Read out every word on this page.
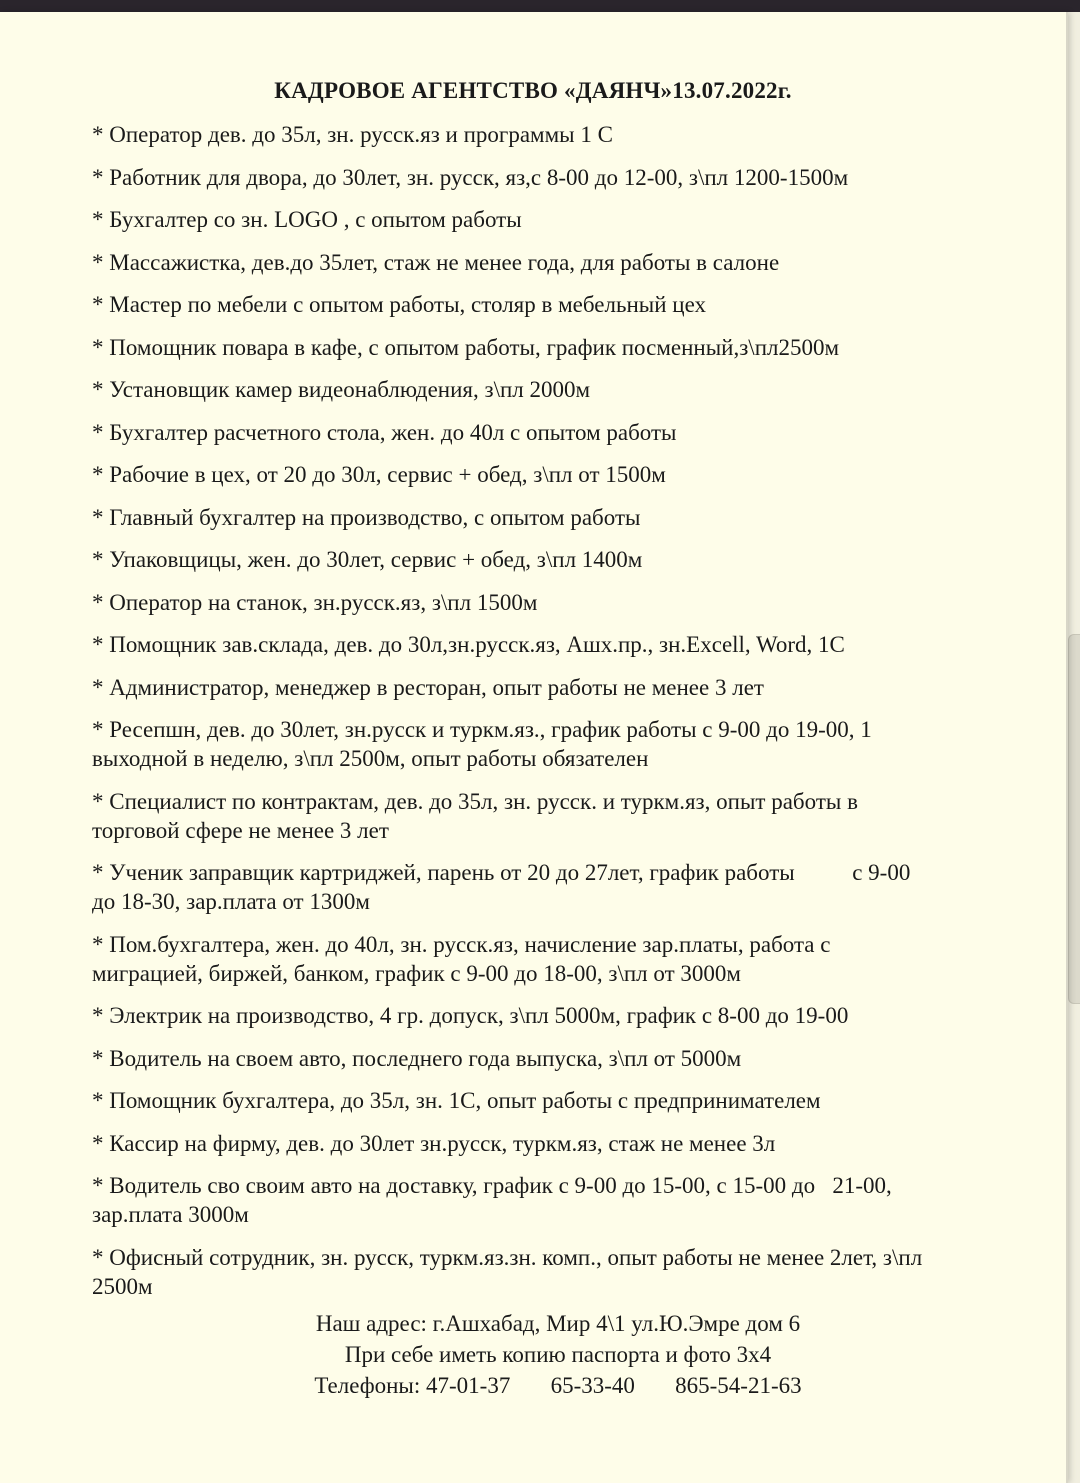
КАДРОВОЕ АГЕНТСТВО «ДАЯНЧ»13.07.2022г.
* Оператор дев. до 35л, зн. русск.яз и программы 1 С
* Работник для двора, до 30лет, зн. русск, яз,с 8-00 до 12-00, з\пл 1200-1500м
* Бухгалтер со зн. LOGO , с опытом работы
* Массажистка, дев.до 35лет, стаж не менее года, для работы в салоне
* Мастер по мебели с опытом работы, столяр в мебельный цех
* Помощник повара в кафе, с опытом работы, график посменный,з\пл2500м
* Установщик камер видеонаблюдения, з\пл 2000м
* Бухгалтер расчетного стола, жен. до 40л с опытом работы
* Рабочие в цех, от 20 до 30л, сервис + обед, з\пл от 1500м
* Главный бухгалтер на производство, с опытом работы
* Упаковщицы, жен. до 30лет, сервис + обед, з\пл 1400м
* Оператор на станок, зн.русск.яз, з\пл 1500м
* Помощник зав.склада, дев. до 30л,зн.русск.яз, Ашх.пр., зн.Excell, Word, 1C
* Администратор, менеджер в ресторан, опыт работы не менее 3 лет
* Ресепшн, дев. до 30лет, зн.русск и туркм.яз., график работы с 9-00 до 19-00, 1
выходной в неделю, з\пл 2500м, опыт работы обязателен
* Специалист по контрактам, дев. до 35л, зн. русск. и туркм.яз, опыт работы в
торговой сфере не менее 3 лет
* Ученик заправщик картриджей, парень от 20 до 27лет, график работы          с 9-00
до 18-30, зар.плата от 1300м
* Пом.бухгалтера, жен. до 40л, зн. русск.яз, начисление зар.платы, работа с
миграцией, биржей, банком, график с 9-00 до 18-00, з\пл от 3000м
* Электрик на производство, 4 гр. допуск, з\пл 5000м, график с 8-00 до 19-00
* Водитель на своем авто, последнего года выпуска, з\пл от 5000м
* Помощник бухгалтера, до 35л, зн. 1С, опыт работы с предпринимателем
* Кассир на фирму, дев. до 30лет зн.русск, туркм.яз, стаж не менее 3л
* Водитель сво своим авто на доставку, график с 9-00 до 15-00, с 15-00 до   21-00,
зар.плата 3000м
* Офисный сотрудник, зн. русск, туркм.яз.зн. комп., опыт работы не менее 2лет, з\пл
2500м
Наш адрес: г.Ашхабад, Мир 4\1 ул.Ю.Эмре дом 6
При себе иметь копию паспорта и фото 3х4
Телефоны: 47-01-37       65-33-40       865-54-21-63
